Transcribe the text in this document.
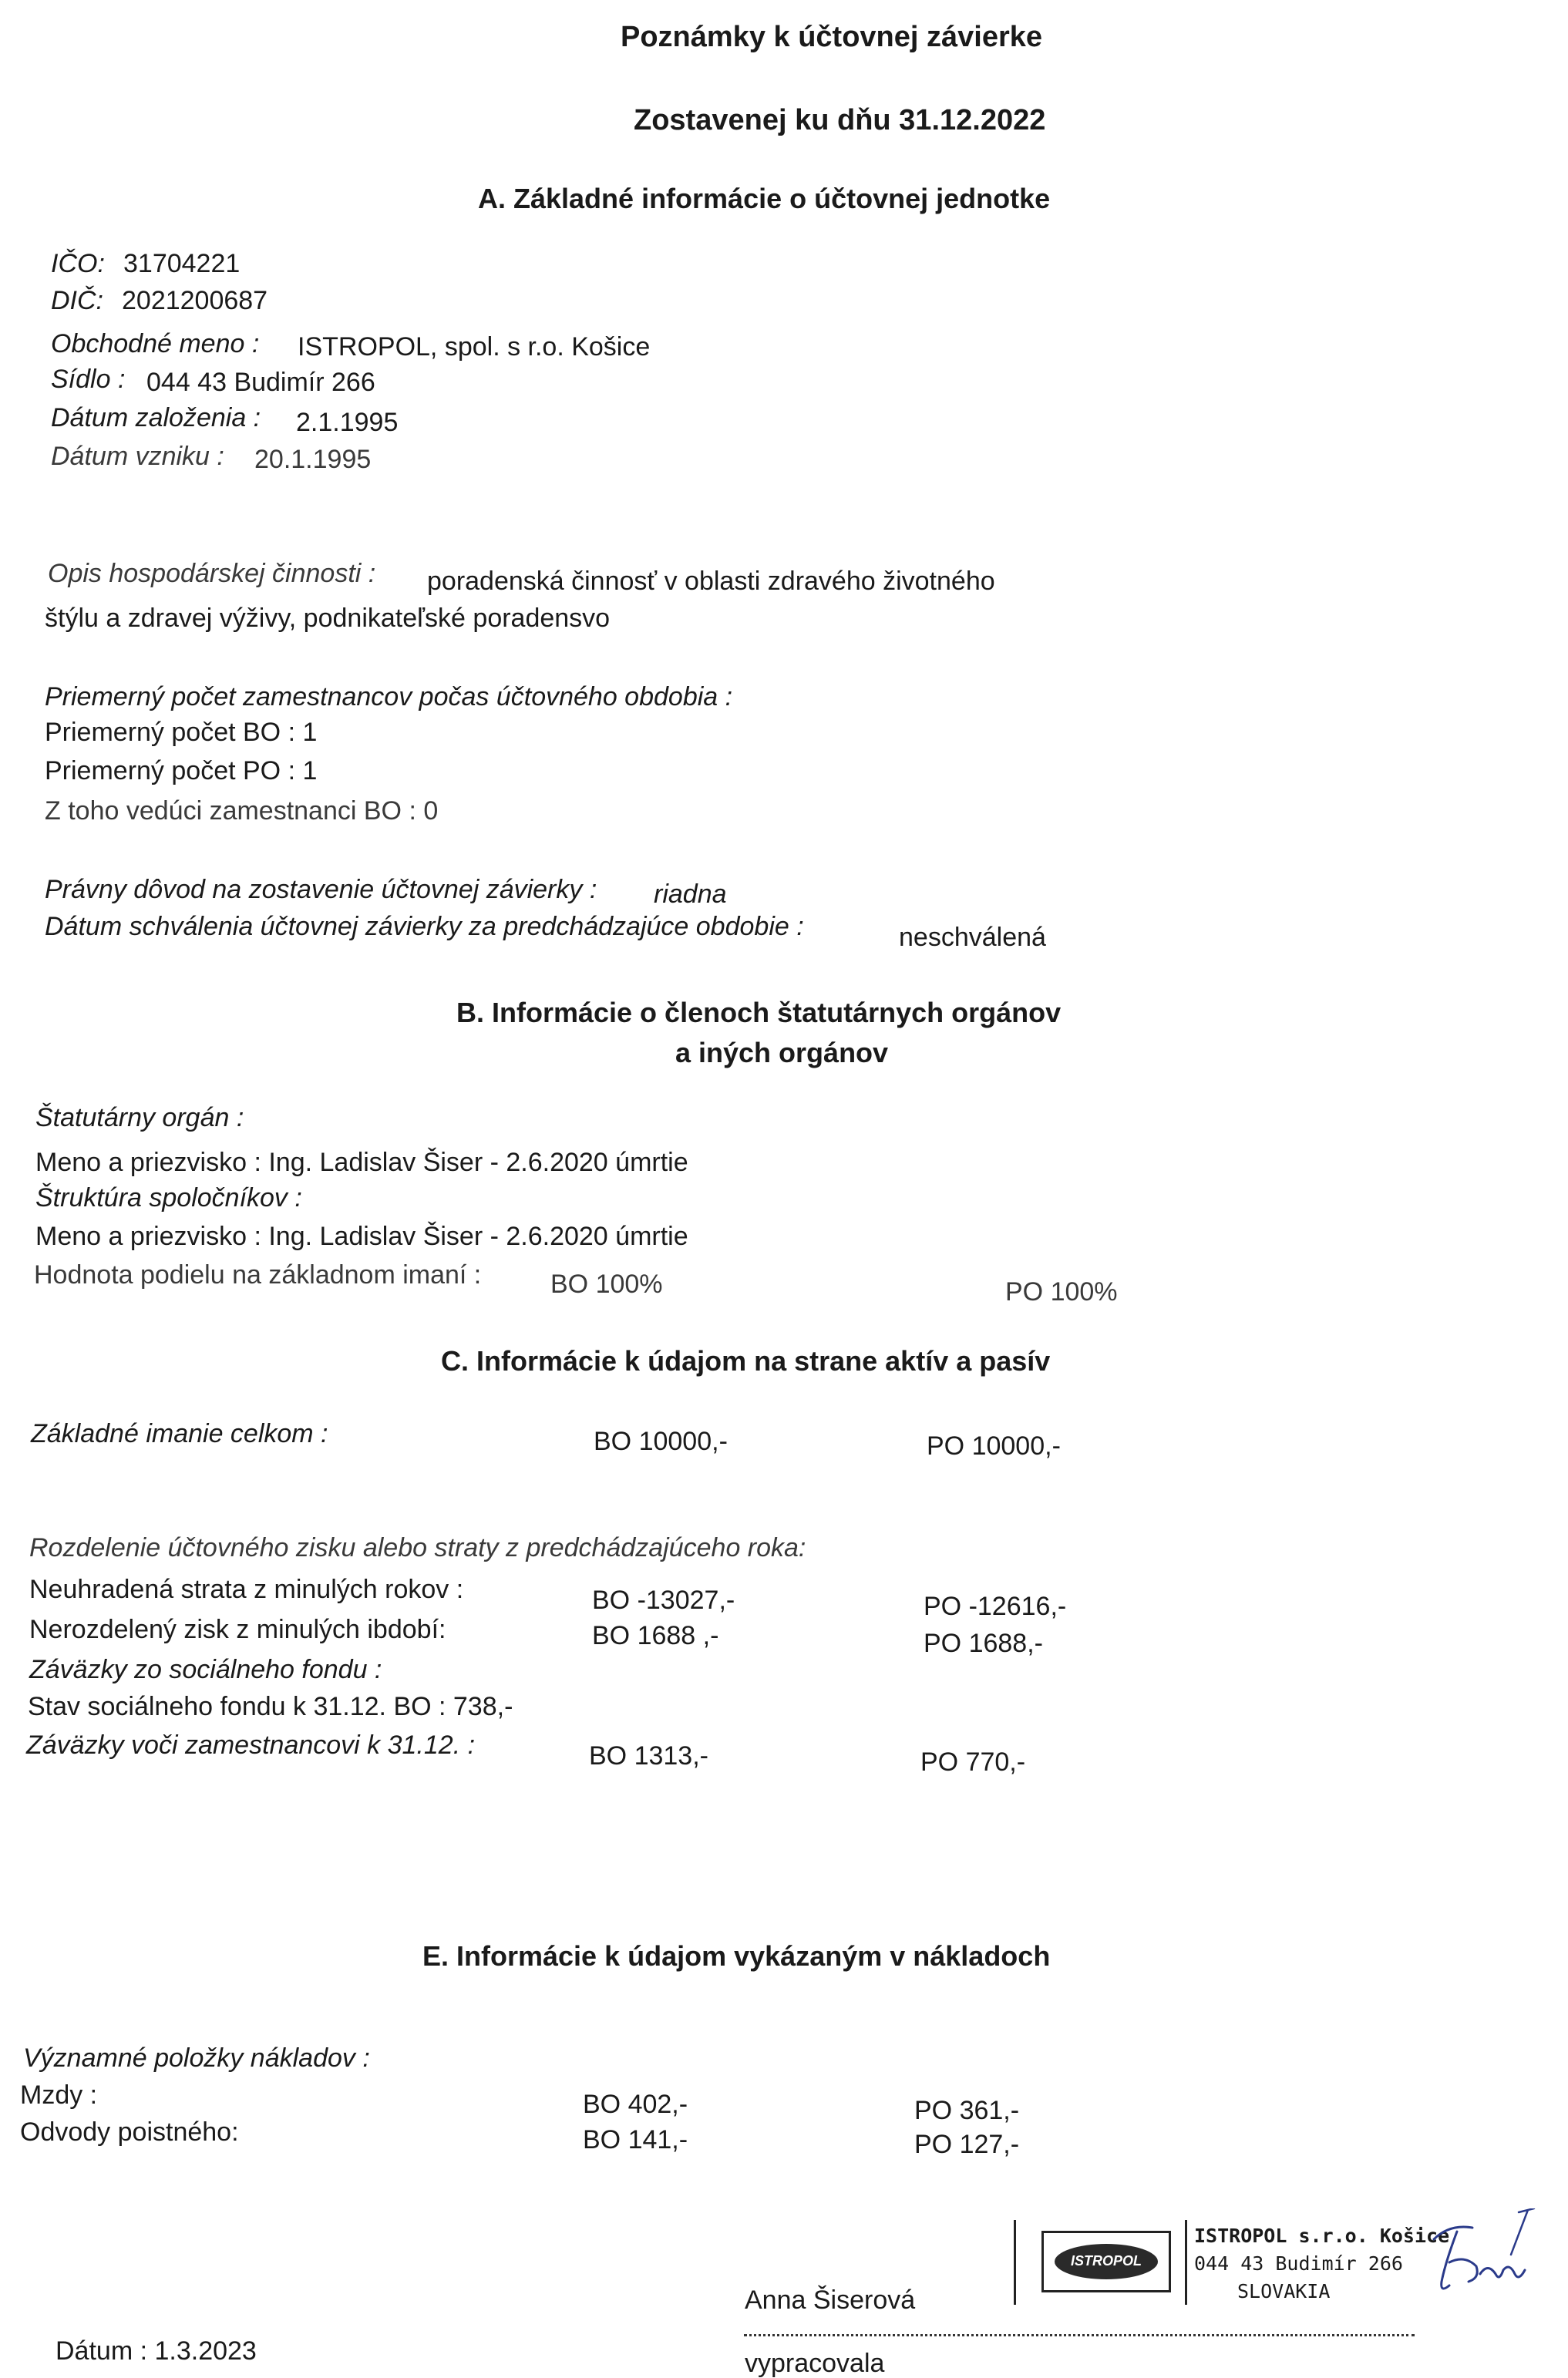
Poznámky k účtovnej závierke
Zostavenej ku dňu 31.12.2022
A. Základné informácie o účtovnej jednotke
IČO: 31704221
DIČ: 2021200687
Obchodné meno : ISTROPOL, spol. s r.o. Košice
Sídlo : 044 43 Budimír 266
Dátum založenia : 2.1.1995
Dátum vzniku : 20.1.1995
Opis hospodárskej činnosti : poradenská činnosť v oblasti zdravého životného
štýlu a zdravej výživy, podnikateľské poradensvo
Priemerný počet zamestnancov počas účtovného obdobia :
Priemerný počet BO : 1
Priemerný počet PO : 1
Z toho vedúci zamestnanci BO : 0
Právny dôvod na zostavenie účtovnej závierky : riadna
Dátum schválenia účtovnej závierky za predchádzajúce obdobie :	neschválená
B. Informácie o členoch štatutárnych orgánov
a iných orgánov
Štatutárny orgán :
Meno a priezvisko : Ing. Ladislav Šiser - 2.6.2020 úmrtie
Štruktúra spoločníkov :
Meno a priezvisko : Ing. Ladislav Šiser - 2.6.2020 úmrtie
Hodnota podielu na základnom imaní :	BO 100%	PO 100%
C. Informácie k údajom na strane aktív a pasív
Základné imanie celkom :	BO 10000,-	PO 10000,-
Rozdelenie účtovného zisku alebo straty z predchádzajúceho roka:
Neuhradená strata z minulých rokov :	BO -13027,-	PO -12616,-
Nerozdelený zisk z minulých ibdobí:	BO 1688 ,-	PO 1688,-
Záväzky zo sociálneho fondu :
Stav sociálneho fondu k 31.12. BO : 738,-
Záväzky voči zamestnancovi k 31.12. :	BO 1313,-	PO 770,-
E. Informácie k údajom vykázaným v nákladoch
Významné položky nákladov :
Mzdy :	BO 402,-	PO 361,-
Odvody poistného:	BO 141,-	PO 127,-
Anna Šiserová
vypracovala
Dátum : 1.3.2023
ISTROPOL
ISTROPOL s.r.o. Košice
044 43 Budimír 266
SLOVAKIA
